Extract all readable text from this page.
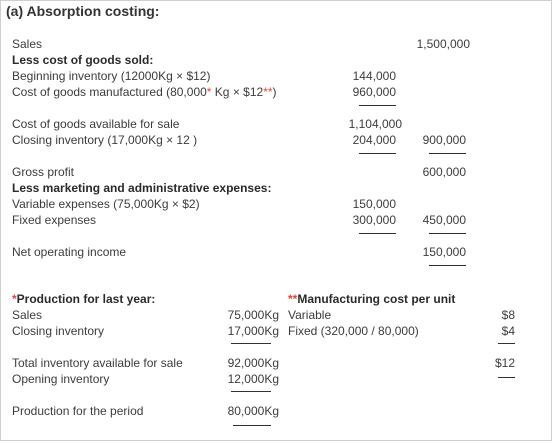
(a) Absorption costing:
Sales	1,500,000
Less cost of goods sold:
Beginning inventory (12000Kg × $12)	144,000
Cost of goods manufactured (80,000* Kg × $12**)	960,000
Cost of goods available for sale	1,104,000
Closing inventory (17,000Kg × 12 )	204,000	900,000
Gross profit	600,000
Less marketing and administrative expenses:
Variable expenses (75,000Kg × $2)	150,000
Fixed expenses	300,000	450,000
Net operating income	150,000
*Production for last year:
Sales	75,000Kg
Closing inventory	17,000Kg
Total inventory available for sale	92,000Kg
Opening inventory	12,000Kg
Production for the period	80,000Kg
**Manufacturing cost per unit
Variable	$8
Fixed (320,000 / 80,000)	$4
$12
